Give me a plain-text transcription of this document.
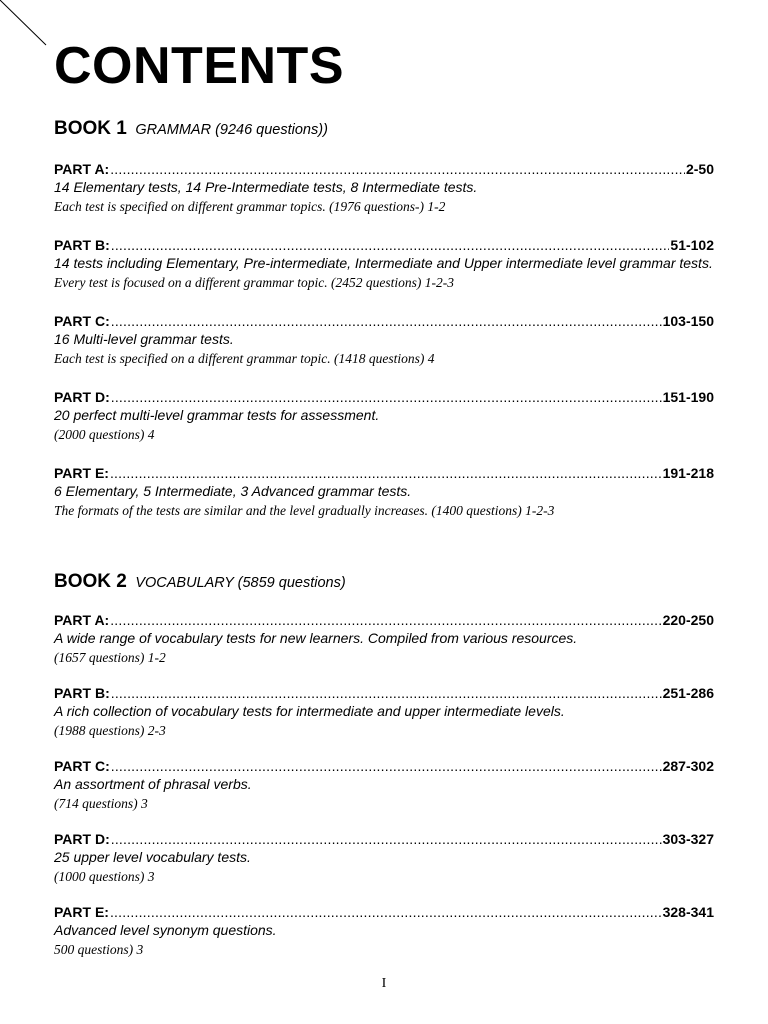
CONTENTS
BOOK 1 GRAMMAR (9246 questions))
PART A: .....	2-50
14 Elementary tests, 14 Pre-Intermediate tests, 8 Intermediate tests.
Each test is specified on different grammar topics. (1976 questions-) 1-2
PART B: .....	51-102
14 tests including Elementary, Pre-intermediate, Intermediate and Upper intermediate level grammar tests.
Every test is focused on a different grammar topic. (2452 questions) 1-2-3
PART C: .....	103-150
16 Multi-level grammar tests.
Each test is specified on a different grammar topic. (1418 questions) 4
PART D: .....	151-190
20 perfect multi-level grammar tests for assessment.
(2000 questions) 4
PART E: .....	191-218
6 Elementary, 5 Intermediate, 3 Advanced grammar tests.
The formats of the tests are similar and the level gradually increases. (1400 questions) 1-2-3
BOOK 2 VOCABULARY (5859 questions)
PART A: .....	220-250
A wide range of vocabulary tests for new learners. Compiled from various resources.
(1657 questions) 1-2
PART B: .....	251-286
A rich collection of vocabulary tests for intermediate and upper intermediate levels.
(1988 questions) 2-3
PART C: .....	287-302
An assortment of phrasal verbs.
(714 questions) 3
PART D: .....	303-327
25 upper level vocabulary tests.
(1000 questions) 3
PART E: .....	328-341
Advanced level synonym questions.
500 questions) 3
I
